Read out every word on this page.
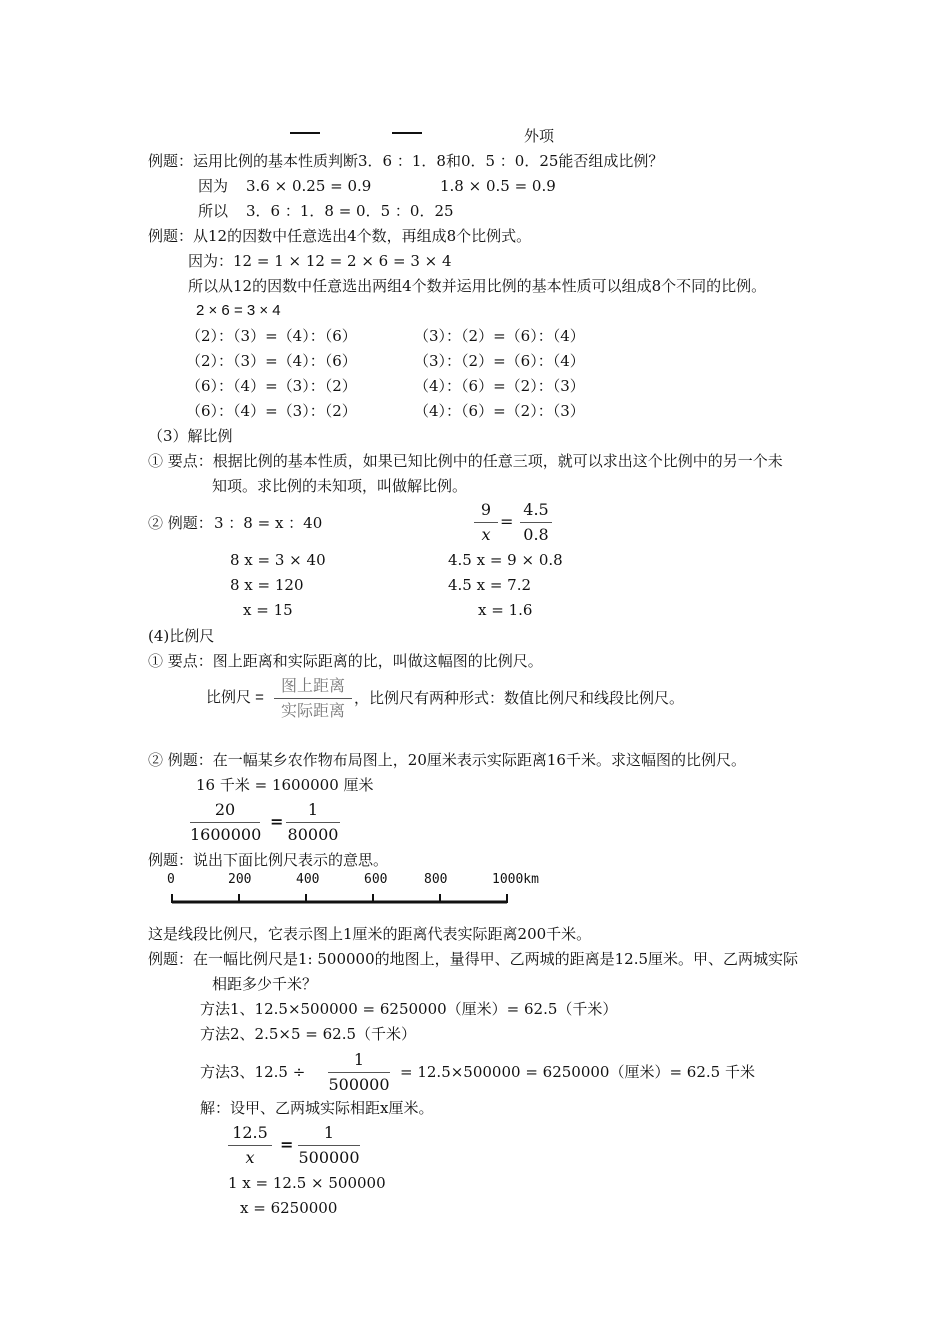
外项
例题：运用比例的基本性质判断3．6 ：1．8和0．5 ：0．25能否组成比例？
因为 3.6 × 0.25 = 0.9	1.8 × 0.5 = 0.9
所以 3．6 ：1．8 = 0．5 ：0．25
例题：从12的因数中任意选出4个数，再组成8个比例式。
因为：12 = 1 × 12 = 2 × 6 = 3 × 4
所以从12的因数中任意选出两组4个数并运用比例的基本性质可以组成8个不同的比例。
2 × 6 = 3 × 4
（2）：（3）=（4）：（6）	（3）：（2）=（6）：（4）
（2）：（3）=（4）：（6）	（3）：（2）=（6）：（4）
（6）：（4）=（3）：（2）	（4）：（6）=（2）：（3）
（6）：（4）=（3）：（2）	（4）：（6）=（2）：（3）
（3）解比例
① 要点：根据比例的基本性质，如果已知比例中的任意三项，就可以求出这个比例中的另一个未
知项。求比例的未知项，叫做解比例。
② 例题： 3 ：8 = x ：40
9
x
=
4.5
0.8
8 x = 3 × 40
8 x = 120
x = 15
4.5 x = 9 × 0.8
4.5 x = 7.2
x = 1.6
(4)比例尺
① 要点：图上距离和实际距离的比，叫做这幅图的比例尺。
比例尺 =
图上距离
实际距离
，比例尺有两种形式：数值比例尺和线段比例尺。
② 例题：在一幅某乡农作物布局图上，20厘米表示实际距离16千米。求这幅图的比例尺。
16 千米 = 1600000 厘米
20
1600000
=
1
80000
例题：说出下面比例尺表示的意思。
0	200	400	600	800	1000km
这是线段比例尺，它表示图上1厘米的距离代表实际距离200千米。
例题：在一幅比例尺是1: 500000的地图上，量得甲、乙两城的距离是12.5厘米。甲、乙两城实际
相距多少千米？
方法1、12.5×500000 = 6250000（厘米）= 62.5（千米）
方法2、2.5×5 = 62.5（千米）
方法3、12.5 ÷
1
500000
= 12.5×500000 = 6250000（厘米）= 62.5 千米
解：设甲、乙两城实际相距x厘米。
12.5
x
=
1
500000
1 x = 12.5 × 500000
x = 6250000
